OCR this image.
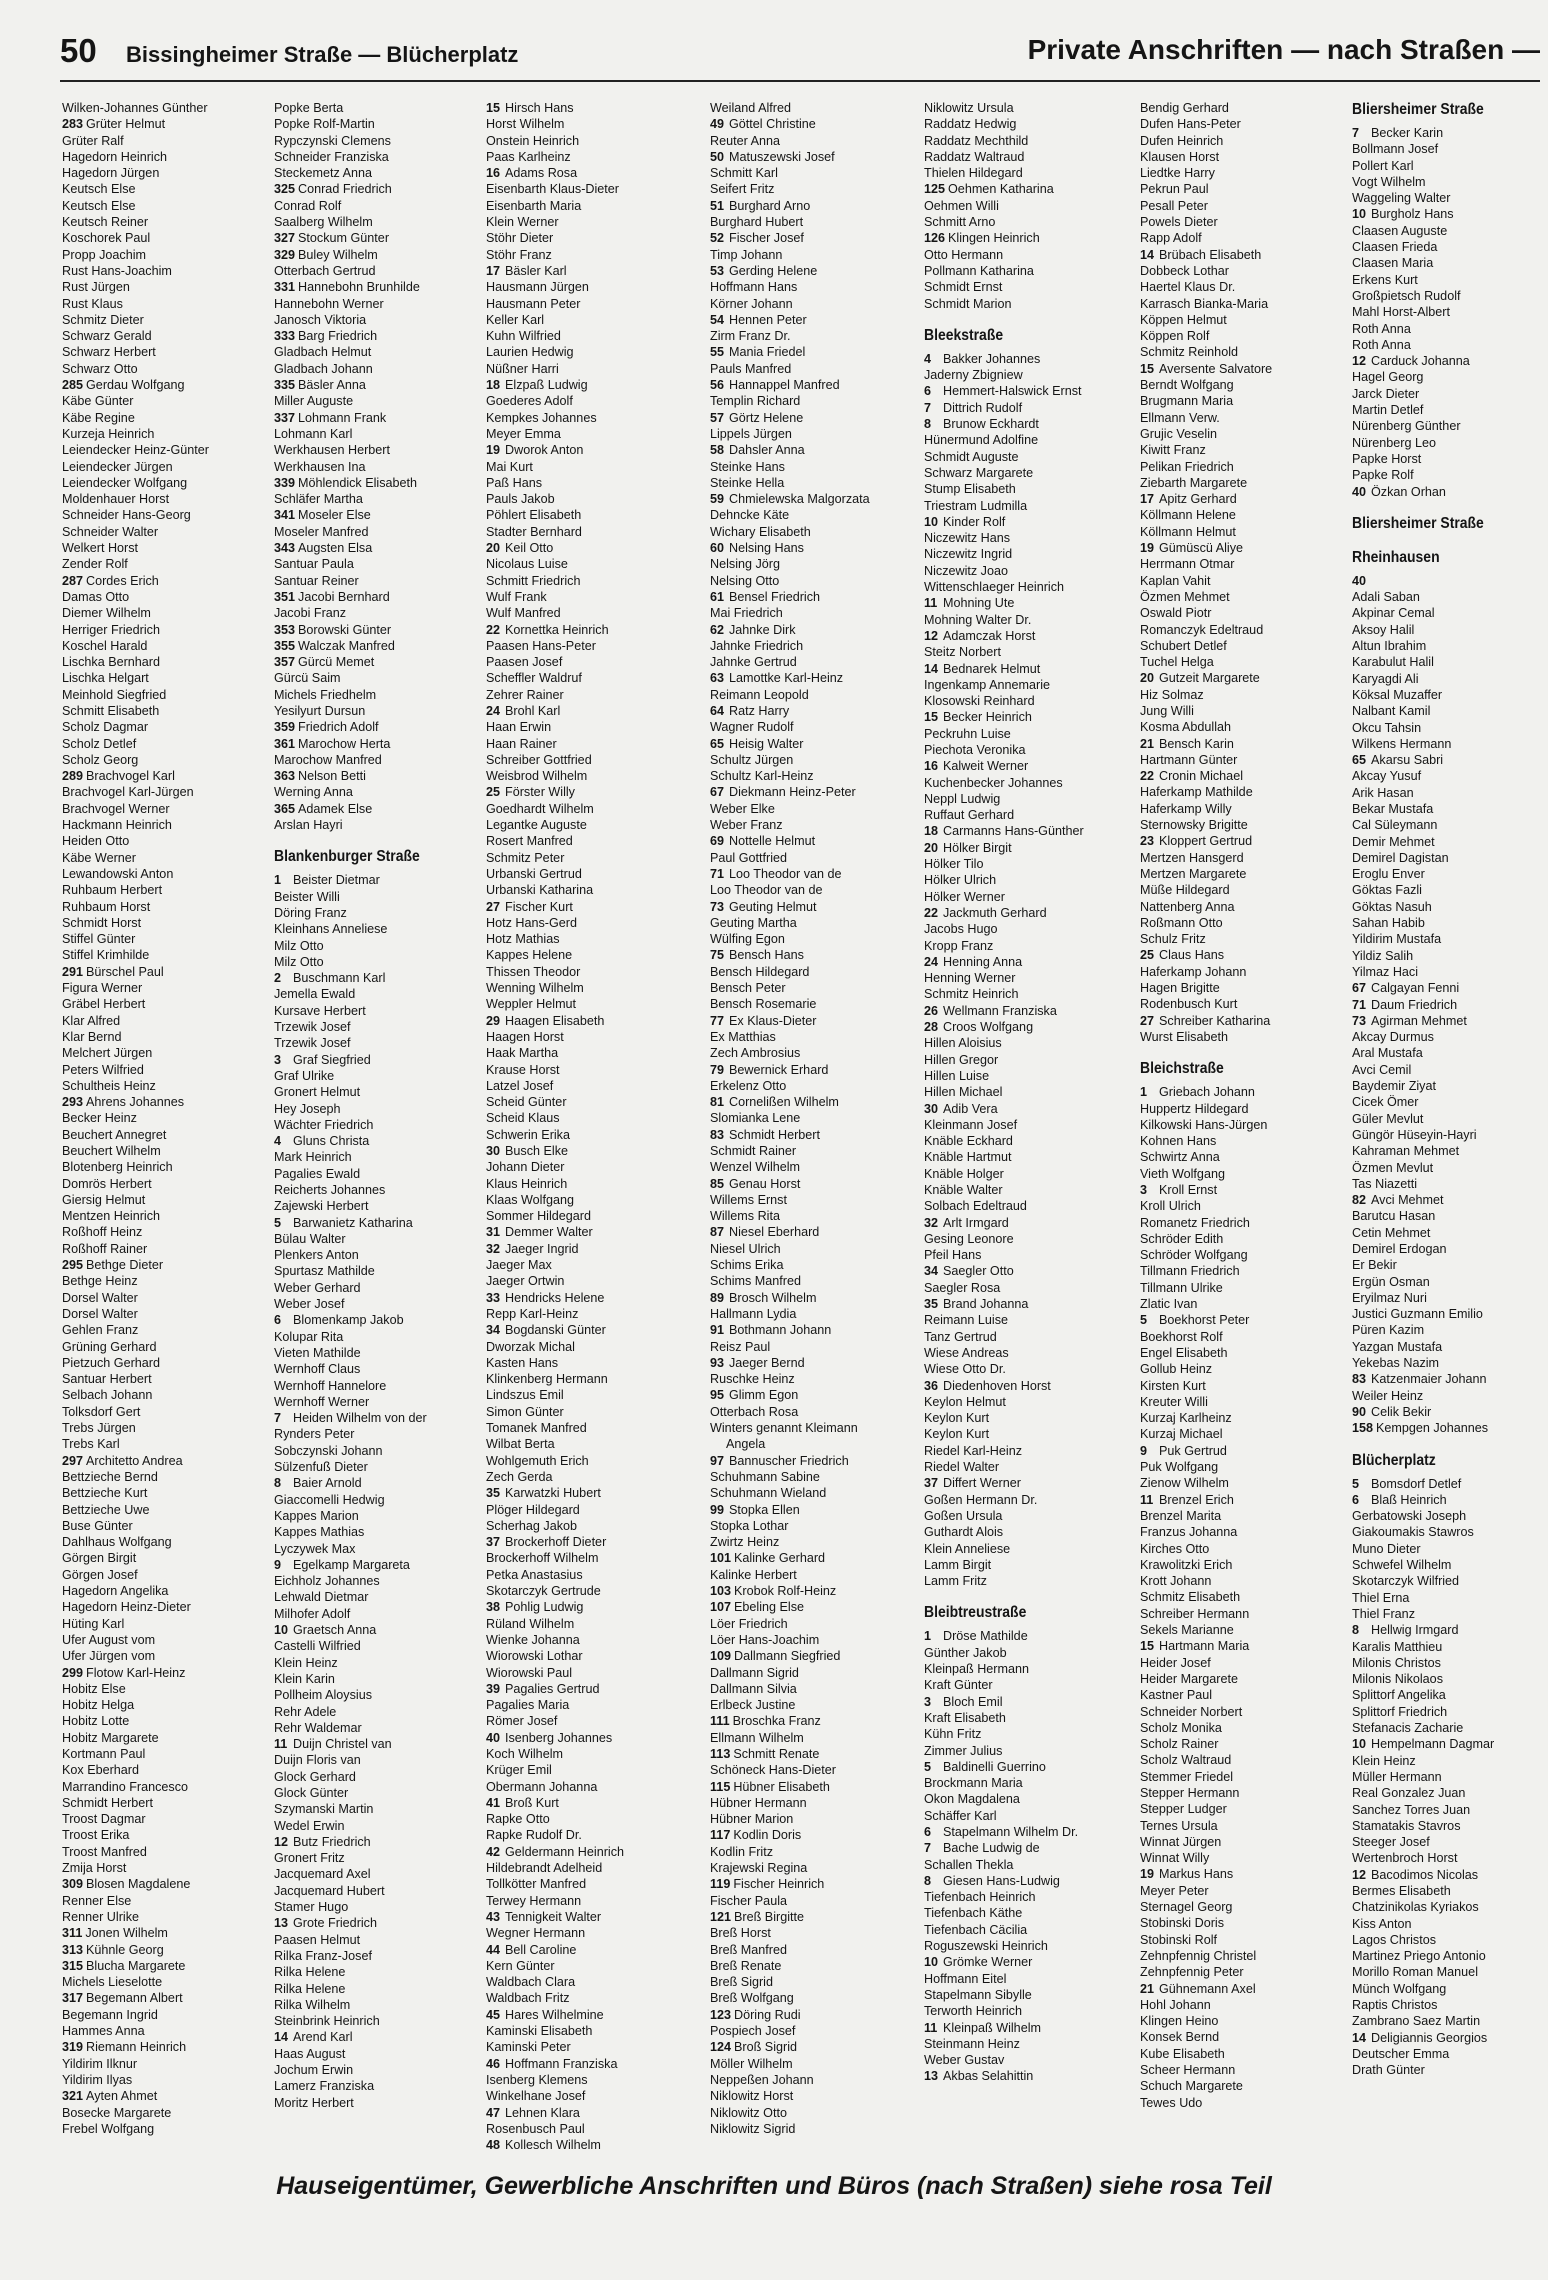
50 Bissingheimer Straße — Blücherplatz	Private Anschriften — nach Straßen —
Wilken-Johannes Günther
283 Grüter Helmut
Grüter Ralf
Hagedorn Heinrich
Hagedorn Jürgen
Keutsch Else
Keutsch Else
Keutsch Reiner
Koschorek Paul
Propp Joachim
Rust Hans-Joachim
Rust Jürgen
Rust Klaus
Schmitz Dieter
Schwarz Gerald
Schwarz Herbert
Schwarz Otto
285 Gerdau Wolfgang
Käbe Günter
Käbe Regine
Kurzeja Heinrich
Leiendecker Heinz-Günter
Leiendecker Jürgen
Leiendecker Wolfgang
Moldenhauer Horst
Schneider Hans-Georg
Schneider Walter
Welkert Horst
Zender Rolf
287 Cordes Erich
Damas Otto
Diemer Wilhelm
Herriger Friedrich
Koschel Harald
Lischka Bernhard
Lischka Helgart
Meinhold Siegfried
Schmitt Elisabeth
Scholz Dagmar
Scholz Detlef
Scholz Georg
289 Brachvogel Karl
Brachvogel Karl-Jürgen
Brachvogel Werner
Hackmann Heinrich
Heiden Otto
Käbe Werner
Lewandowski Anton
Ruhbaum Herbert
Ruhbaum Horst
Schmidt Horst
Stiffel Günter
Stiffel Krimhilde
291 Bürschel Paul
Figura Werner
Gräbel Herbert
Klar Alfred
Klar Bernd
Melchert Jürgen
Peters Wilfried
Schultheis Heinz
293 Ahrens Johannes
Becker Heinz
Beuchert Annegret
Beuchert Wilhelm
Blotenberg Heinrich
Domrös Herbert
Giersig Helmut
Mentzen Heinrich
Roßhoff Heinz
Roßhoff Rainer
295 Bethge Dieter
Bethge Heinz
Dorsel Walter
Dorsel Walter
Gehlen Franz
Grüning Gerhard
Pietzuch Gerhard
Santuar Herbert
Selbach Johann
Tolksdorf Gert
Trebs Jürgen
Trebs Karl
297 Architetto Andrea
Bettzieche Bernd
Bettzieche Kurt
Bettzieche Uwe
Buse Günter
Dahlhaus Wolfgang
Görgen Birgit
Görgen Josef
Hagedorn Angelika
Hagedorn Heinz-Dieter
Hüting Karl
Ufer August vom
Ufer Jürgen vom
299 Flotow Karl-Heinz
Hobitz Else
Hobitz Helga
Hobitz Lotte
Hobitz Margarete
Kortmann Paul
Kox Eberhard
Marrandino Francesco
Schmidt Herbert
Troost Dagmar
Troost Erika
Troost Manfred
Zmija Horst
309 Blosen Magdalene
Renner Else
Renner Ulrike
311 Jonen Wilhelm
313 Kühnle Georg
315 Blucha Margarete
Michels Lieselotte
317 Begemann Albert
Begemann Ingrid
Hammes Anna
319 Riemann Heinrich
Yildirim Ilknur
Yildirim Ilyas
321 Ayten Ahmet
Bosecke Margarete
Frebel Wolfgang
Popke Berta
Popke Rolf-Martin
Rypczynski Clemens
Schneider Franziska
Steckemetz Anna
325 Conrad Friedrich
Conrad Rolf
Saalberg Wilhelm
327 Stockum Günter
329 Buley Wilhelm
Otterbach Gertrud
331 Hannebohn Brunhilde
Hannebohn Werner
Janosch Viktoria
333 Barg Friedrich
Gladbach Helmut
Gladbach Johann
335 Bäsler Anna
Miller Auguste
337 Lohmann Frank
Lohmann Karl
Werkhausen Herbert
Werkhausen Ina
339 Möhlendick Elisabeth
Schläfer Martha
341 Moseler Else
Moseler Manfred
343 Augsten Elsa
Santuar Paula
Santuar Reiner
351 Jacobi Bernhard
Jacobi Franz
353 Borowski Günter
355 Walczak Manfred
357 Gürcü Memet
Gürcü Saim
Michels Friedhelm
Yesilyurt Dursun
359 Friedrich Adolf
361 Marochow Herta
Marochow Manfred
363 Nelson Betti
Werning Anna
365 Adamek Else
Arslan Hayri
Blankenburger Straße
1 Beister Dietmar
Beister Willi
Döring Franz
Kleinhans Anneliese
Milz Otto
Milz Otto
2 Buschmann Karl
Jemella Ewald
Kursave Herbert
Trzewik Josef
Trzewik Josef
3 Graf Siegfried
Graf Ulrike
Gronert Helmut
Hey Joseph
Wächter Friedrich
4 Gluns Christa
Mark Heinrich
Pagalies Ewald
Reicherts Johannes
Zajewski Herbert
5 Barwanietz Katharina
Bülau Walter
Plenkers Anton
Spurtasz Mathilde
Weber Gerhard
Weber Josef
6 Blomenkamp Jakob
Kolupar Rita
Vieten Mathilde
Wernhoff Claus
Wernhoff Hannelore
Wernhoff Werner
7 Heiden Wilhelm von der
Rynders Peter
Sobczynski Johann
Sülzenfuß Dieter
8 Baier Arnold
Giaccomelli Hedwig
Kappes Marion
Kappes Mathias
Lyczywek Max
9 Egelkamp Margareta
Eichholz Johannes
Lehwald Dietmar
Milhofer Adolf
10 Graetsch Anna
Castelli Wilfried
Klein Heinz
Klein Karin
Pollheim Aloysius
Rehr Adele
Rehr Waldemar
11 Duijn Christel van
Duijn Floris van
Glock Gerhard
Glock Günter
Szymanski Martin
Wedel Erwin
12 Butz Friedrich
Gronert Fritz
Jacquemard Axel
Jacquemard Hubert
Stamer Hugo
13 Grote Friedrich
Paasen Helmut
Rilka Franz-Josef
Rilka Helene
Rilka Helene
Rilka Wilhelm
Steinbrink Heinrich
14 Arend Karl
Haas August
Jochum Erwin
Lamerz Franziska
Moritz Herbert
15 Hirsch Hans
Horst Wilhelm
Onstein Heinrich
Paas Karlheinz
16 Adams Rosa
Eisenbarth Klaus-Dieter
Eisenbarth Maria
Klein Werner
Stöhr Dieter
Stöhr Franz
17 Bäsler Karl
Hausmann Jürgen
Hausmann Peter
Keller Karl
Kuhn Wilfried
Laurien Hedwig
Nüßner Harri
18 Elzpaß Ludwig
Goederes Adolf
Kempkes Johannes
Meyer Emma
19 Dworok Anton
Mai Kurt
Paß Hans
Pauls Jakob
Pöhlert Elisabeth
Stadter Bernhard
20 Keil Otto
Nicolaus Luise
Schmitt Friedrich
Wulf Frank
Wulf Manfred
22 Kornettka Heinrich
Paasen Hans-Peter
Paasen Josef
Scheffler Waldruf
Zehrer Rainer
24 Brohl Karl
Haan Erwin
Haan Rainer
Schreiber Gottfried
Weisbrod Wilhelm
25 Förster Willy
Goedhardt Wilhelm
Legantke Auguste
Rosert Manfred
Schmitz Peter
Urbanski Gertrud
Urbanski Katharina
27 Fischer Kurt
Hotz Hans-Gerd
Hotz Mathias
Kappes Helene
Thissen Theodor
Wenning Wilhelm
Weppler Helmut
29 Haagen Elisabeth
Haagen Horst
Haak Martha
Krause Horst
Latzel Josef
Scheid Günter
Scheid Klaus
Schwerin Erika
30 Busch Elke
Johann Dieter
Klaus Heinrich
Klaas Wolfgang
Sommer Hildegard
31 Demmer Walter
32 Jaeger Ingrid
Jaeger Max
Jaeger Ortwin
33 Hendricks Helene
Repp Karl-Heinz
34 Bogdanski Günter
Dworzak Michal
Kasten Hans
Klinkenberg Hermann
Lindszus Emil
Simon Günter
Tomanek Manfred
Wilbat Berta
Wohlgemuth Erich
Zech Gerda
35 Karwatzki Hubert
Plöger Hildegard
Scherhag Jakob
37 Brockerhoff Dieter
Brockerhoff Wilhelm
Petka Anastasius
Skotarczyk Gertrude
38 Pohlig Ludwig
Rüland Wilhelm
Wienke Johanna
Wiorowski Lothar
Wiorowski Paul
39 Pagalies Gertrud
Pagalies Maria
Römer Josef
40 Isenberg Johannes
Koch Wilhelm
Krüger Emil
Obermann Johanna
41 Broß Kurt
Rapke Otto
Rapke Rudolf Dr.
42 Geldermann Heinrich
Hildebrandt Adelheid
Tollkötter Manfred
Terwey Hermann
43 Tennigkeit Walter
Wegner Hermann
44 Bell Caroline
Kern Günter
Waldbach Clara
Waldbach Fritz
45 Hares Wilhelmine
Kaminski Elisabeth
Kaminski Peter
46 Hoffmann Franziska
Isenberg Klemens
Winkelhane Josef
47 Lehnen Klara
Rosenbusch Paul
48 Kollesch Wilhelm
Weiland Alfred
49 Göttel Christine
Reuter Anna
50 Matuszewski Josef
Schmitt Karl
Seifert Fritz
51 Burghard Arno
Burghard Hubert
52 Fischer Josef
Timp Johann
53 Gerding Helene
Hoffmann Hans
Körner Johann
54 Hennen Peter
Zirm Franz Dr.
55 Mania Friedel
Pauls Manfred
56 Hannappel Manfred
Templin Richard
57 Görtz Helene
Lippels Jürgen
58 Dahsler Anna
Steinke Hans
Steinke Hella
59 Chmielewska Malgorzata
Dehncke Käte
Wichary Elisabeth
60 Nelsing Hans
Nelsing Jörg
Nelsing Otto
61 Bensel Friedrich
Mai Friedrich
62 Jahnke Dirk
Jahnke Friedrich
Jahnke Gertrud
63 Lamottke Karl-Heinz
Reimann Leopold
64 Ratz Harry
Wagner Rudolf
65 Heisig Walter
Schultz Jürgen
Schultz Karl-Heinz
67 Diekmann Heinz-Peter
Weber Elke
Weber Franz
69 Nottelle Helmut
Paul Gottfried
71 Loo Theodor van de
Loo Theodor van de
73 Geuting Helmut
Geuting Martha
Wülfing Egon
75 Bensch Hans
Bensch Hildegard
Bensch Peter
Bensch Rosemarie
77 Ex Klaus-Dieter
Ex Matthias
Zech Ambrosius
79 Bewernick Erhard
Erkelenz Otto
81 Cornelißen Wilhelm
Slomianka Lene
83 Schmidt Herbert
Schmidt Rainer
Wenzel Wilhelm
85 Genau Horst
Willems Ernst
Willems Rita
87 Niesel Eberhard
Niesel Ulrich
Schims Erika
Schims Manfred
89 Brosch Wilhelm
Hallmann Lydia
91 Bothmann Johann
Reisz Paul
93 Jaeger Bernd
Ruschke Heinz
95 Glimm Egon
Otterbach Rosa
Winters genannt Kleimann
Angela
97 Bannuscher Friedrich
Schuhmann Sabine
Schuhmann Wieland
99 Stopka Ellen
Stopka Lothar
Zwirtz Heinz
101 Kalinke Gerhard
Kalinke Herbert
103 Krobok Rolf-Heinz
107 Ebeling Else
Löer Friedrich
Löer Hans-Joachim
109 Dallmann Siegfried
Dallmann Sigrid
Dallmann Silvia
Erlbeck Justine
111 Broschka Franz
Ellmann Wilhelm
113 Schmitt Renate
Schöneck Hans-Dieter
115 Hübner Elisabeth
Hübner Hermann
Hübner Marion
117 Kodlin Doris
Kodlin Fritz
Krajewski Regina
119 Fischer Heinrich
Fischer Paula
121 Breß Birgitte
Breß Horst
Breß Manfred
Breß Renate
Breß Sigrid
Breß Wolfgang
123 Döring Rudi
Pospiech Josef
124 Broß Sigrid
Möller Wilhelm
Neppeßen Johann
Niklowitz Horst
Niklowitz Otto
Niklowitz Sigrid
Niklowitz Ursula
Raddatz Hedwig
Raddatz Mechthild
Raddatz Waltraud
Thielen Hildegard
125 Oehmen Katharina
Oehmen Willi
Schmitt Arno
126 Klingen Heinrich
Otto Hermann
Pollmann Katharina
Schmidt Ernst
Schmidt Marion
Bleekstraße
4 Bakker Johannes
Jaderny Zbigniew
6 Hemmert-Halswick Ernst
7 Dittrich Rudolf
8 Brunow Eckhardt
Hünermund Adolfine
Schmidt Auguste
Schwarz Margarete
Stump Elisabeth
Triestram Ludmilla
10 Kinder Rolf
Niczewitz Hans
Niczewitz Ingrid
Niczewitz Joao
Wittenschlaeger Heinrich
11 Mohning Ute
Mohning Walter Dr.
12 Adamczak Horst
Steitz Norbert
14 Bednarek Helmut
Ingenkamp Annemarie
Klosowski Reinhard
15 Becker Heinrich
Peckruhn Luise
Piechota Veronika
16 Kalweit Werner
Kuchenbecker Johannes
Neppl Ludwig
Ruffaut Gerhard
18 Carmanns Hans-Günther
20 Hölker Birgit
Hölker Tilo
Hölker Ulrich
Hölker Werner
22 Jackmuth Gerhard
Jacobs Hugo
Kropp Franz
24 Henning Anna
Henning Werner
Schmitz Heinrich
26 Wellmann Franziska
28 Croos Wolfgang
Hillen Aloisius
Hillen Gregor
Hillen Luise
Hillen Michael
30 Adib Vera
Kleinmann Josef
Knäble Eckhard
Knäble Hartmut
Knäble Holger
Knäble Walter
Solbach Edeltraud
32 Arlt Irmgard
Gesing Leonore
Pfeil Hans
34 Saegler Otto
Saegler Rosa
35 Brand Johanna
Reimann Luise
Tanz Gertrud
Wiese Andreas
Wiese Otto Dr.
36 Diedenhoven Horst
Keylon Helmut
Keylon Kurt
Keylon Kurt
Riedel Karl-Heinz
Riedel Walter
37 Differt Werner
Goßen Hermann Dr.
Goßen Ursula
Guthardt Alois
Klein Anneliese
Lamm Birgit
Lamm Fritz
Bleibtreustraße
1 Dröse Mathilde
Günther Jakob
Kleinpaß Hermann
Kraft Günter
3 Bloch Emil
Kraft Elisabeth
Kühn Fritz
Zimmer Julius
5 Baldinelli Guerrino
Brockmann Maria
Okon Magdalena
Schäffer Karl
6 Stapelmann Wilhelm Dr.
7 Bache Ludwig de
Schallen Thekla
8 Giesen Hans-Ludwig
Tiefenbach Heinrich
Tiefenbach Käthe
Tiefenbach Cäcilia
Roguszewski Heinrich
10 Grömke Werner
Hoffmann Eitel
Stapelmann Sibylle
Terworth Heinrich
11 Kleinpaß Wilhelm
Steinmann Heinz
Weber Gustav
13 Akbas Selahittin
Bendig Gerhard
Dufen Hans-Peter
Dufen Heinrich
Klausen Horst
Liedtke Harry
Pekrun Paul
Pesall Peter
Powels Dieter
Rapp Adolf
14 Brübach Elisabeth
Dobbeck Lothar
Haertel Klaus Dr.
Karrasch Bianka-Maria
Köppen Helmut
Köppen Rolf
Schmitz Reinhold
15 Aversente Salvatore
Berndt Wolfgang
Brugmann Maria
Ellmann Verw.
Grujic Veselin
Kiwitt Franz
Pelikan Friedrich
Ziebarth Margarete
17 Apitz Gerhard
Köllmann Helene
Köllmann Helmut
19 Gümüscü Aliye
Herrmann Otmar
Kaplan Vahit
Özmen Mehmet
Oswald Piotr
Romanczyk Edeltraud
Schubert Detlef
Tuchel Helga
20 Gutzeit Margarete
Hiz Solmaz
Jung Willi
Kosma Abdullah
21 Bensch Karin
Hartmann Günter
22 Cronin Michael
Haferkamp Mathilde
Haferkamp Willy
Sternowsky Brigitte
23 Kloppert Gertrud
Mertzen Hansgerd
Mertzen Margarete
Müße Hildegard
Nattenberg Anna
Roßmann Otto
Schulz Fritz
25 Claus Hans
Haferkamp Johann
Hagen Brigitte
Rodenbusch Kurt
27 Schreiber Katharina
Wurst Elisabeth
Bleichstraße
1 Griebach Johann
Huppertz Hildegard
Kilkowski Hans-Jürgen
Kohnen Hans
Schwirtz Anna
Vieth Wolfgang
3 Kroll Ernst
Kroll Ulrich
Romanetz Friedrich
Schröder Edith
Schröder Wolfgang
Tillmann Friedrich
Tillmann Ulrike
Zlatic Ivan
5 Boekhorst Peter
Boekhorst Rolf
Engel Elisabeth
Gollub Heinz
Kirsten Kurt
Kreuter Willi
Kurzaj Karlheinz
Kurzaj Michael
9 Puk Gertrud
Puk Wolfgang
Zienow Wilhelm
11 Brenzel Erich
Brenzel Marita
Franzus Johanna
Kirches Otto
Krawolitzki Erich
Krott Johann
Schmitz Elisabeth
Schreiber Hermann
Sekels Marianne
15 Hartmann Maria
Heider Josef
Heider Margarete
Kastner Paul
Schneider Norbert
Scholz Monika
Scholz Rainer
Scholz Waltraud
Stemmer Friedel
Stepper Hermann
Stepper Ludger
Ternes Ursula
Winnat Jürgen
Winnat Willy
19 Markus Hans
Meyer Peter
Sternagel Georg
Stobinski Doris
Stobinski Rolf
Zehnpfennig Christel
Zehnpfennig Peter
21 Gühnemann Axel
Hohl Johann
Klingen Heino
Konsek Bernd
Kube Elisabeth
Scheer Hermann
Schuch Margarete
Tewes Udo
Bliersheimer Straße
7 Becker Karin
Bollmann Josef
Pollert Karl
Vogt Wilhelm
Waggeling Walter
10 Burgholz Hans
Claasen Auguste
Claasen Frieda
Claasen Maria
Erkens Kurt
Großpietsch Rudolf
Mahl Horst-Albert
Roth Anna
Roth Anna
12 Carduck Johanna
Hagel Georg
Jarck Dieter
Martin Detlef
Nürenberg Günther
Nürenberg Leo
Papke Horst
Papke Rolf
40 Özkan Orhan
Bliersheimer Straße
Rheinhausen
40
Adali Saban
Akpinar Cemal
Aksoy Halil
Altun Ibrahim
Karabulut Halil
Karyagdi Ali
Köksal Muzaffer
Nalbant Kamil
Okcu Tahsin
Wilkens Hermann
65 Akarsu Sabri
Akcay Yusuf
Arik Hasan
Bekar Mustafa
Cal Süleymann
Demir Mehmet
Demirel Dagistan
Eroglu Enver
Göktas Fazli
Göktas Nasuh
Sahan Habib
Yildirim Mustafa
Yildiz Salih
Yilmaz Haci
67 Calgayan Fenni
71 Daum Friedrich
73 Agirman Mehmet
Akcay Durmus
Aral Mustafa
Avci Cemil
Baydemir Ziyat
Cicek Ömer
Güler Mevlut
Güngör Hüseyin-Hayri
Kahraman Mehmet
Özmen Mevlut
Tas Niazetti
82 Avci Mehmet
Barutcu Hasan
Cetin Mehmet
Demirel Erdogan
Er Bekir
Ergün Osman
Eryilmaz Nuri
Justici Guzmann Emilio
Püren Kazim
Yazgan Mustafa
Yekebas Nazim
83 Katzenmaier Johann
Weiler Heinz
90 Celik Bekir
158 Kempgen Johannes
Blücherplatz
5 Bomsdorf Detlef
6 Blaß Heinrich
Gerbatowski Joseph
Giakoumakis Stawros
Muno Dieter
Schwefel Wilhelm
Skotarczyk Wilfried
Thiel Erna
Thiel Franz
8 Hellwig Irmgard
Karalis Matthieu
Milonis Christos
Milonis Nikolaos
Splittorf Angelika
Splittorf Friedrich
Stefanacis Zacharie
10 Hempelmann Dagmar
Klein Heinz
Müller Hermann
Real Gonzalez Juan
Sanchez Torres Juan
Stamatakis Stavros
Steeger Josef
Wertenbroch Horst
12 Bacodimos Nicolas
Bermes Elisabeth
Chatzinikolas Kyriakos
Kiss Anton
Lagos Christos
Martinez Priego Antonio
Morillo Roman Manuel
Münch Wolfgang
Raptis Christos
Zambrano Saez Martin
14 Deligiannis Georgios
Deutscher Emma
Drath Günter
Hauseigentümer, Gewerbliche Anschriften und Büros (nach Straßen) siehe rosa Teil
